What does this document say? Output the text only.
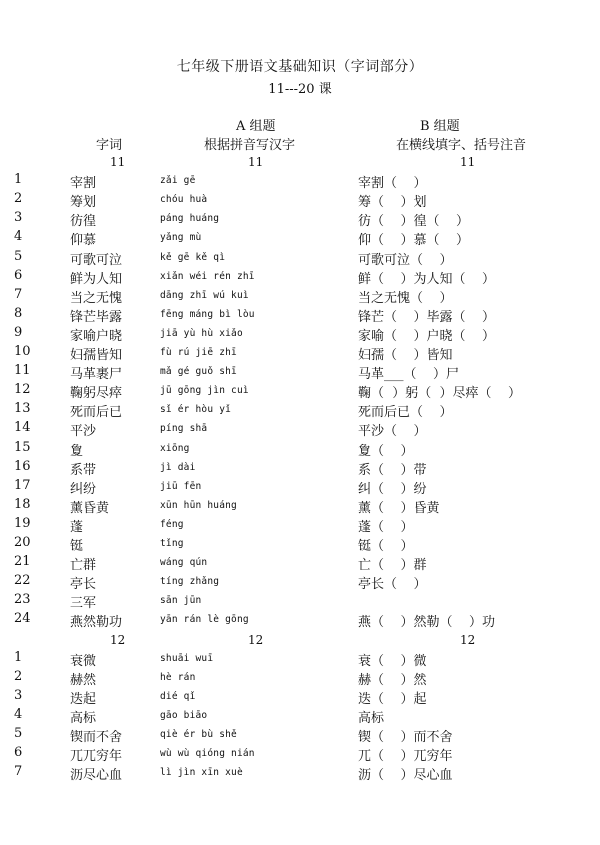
七年级下册语文基础知识（字词部分）
11---20 课
A 组题	B 组题
字词	根据拼音写汉字	在横线填字、括号注音
11	11	11
1	宰割	zǎi gē	宰割（    ）
2	筹划	chóu huà	筹（    ）划
3	彷徨	páng huáng	彷（    ）徨（    ）
4	仰慕	yǎng mù	仰（    ）慕（    ）
5	可歌可泣	kě gē kě qì	可歌可泣（    ）
6	鲜为人知	xiǎn wéi rén zhī	鲜（    ）为人知（    ）
7	当之无愧	dāng zhī wú kuì	当之无愧（    ）
8	锋芒毕露	fēng máng bì lòu	锋芒（    ）毕露（    ）
9	家喻户晓	jiā yù hù xiǎo	家喻（    ）户晓（    ）
10	妇孺皆知	fù rú jiē zhī	妇孺（    ）皆知
11	马革裹尸	mǎ gé guǒ shī	马革___（    ）尸
12	鞠躬尽瘁	jū gōng jìn cuì	鞠（  ）躬（  ）尽瘁（    ）
13	死而后已	sǐ ér hòu yǐ	死而后已（    ）
14	平沙	píng shā	平沙（    ）
15	夐	xiōng	夐（    ）
16	系带	jì dài	系（    ）带
17	纠纷	jiū fēn	纠（    ）纷
18	薰昏黄	xūn hūn huáng	薰（    ）昏黄
19	蓬	féng	蓬（    ）
20	铤	tǐng	铤（    ）
21	亡群	wáng qún	亡（    ）群
22	亭长	tíng zhǎng	亭长（    ）
23	三军	sān jūn
24	燕然勒功	yān rán lè gōng	燕（    ）然勒（    ）功
12	12	12
1	衰微	shuāi wuī	衰（    ）微
2	赫然	hè rán	赫（    ）然
3	迭起	dié qǐ	迭（    ）起
4	高标	gāo biāo	高标
5	锲而不舍	qiè ér bù shě	锲（    ）而不舍
6	兀兀穷年	wù wù qióng nián	兀（    ）兀穷年
7	沥尽心血	lì jìn xīn xuè	沥（    ）尽心血
